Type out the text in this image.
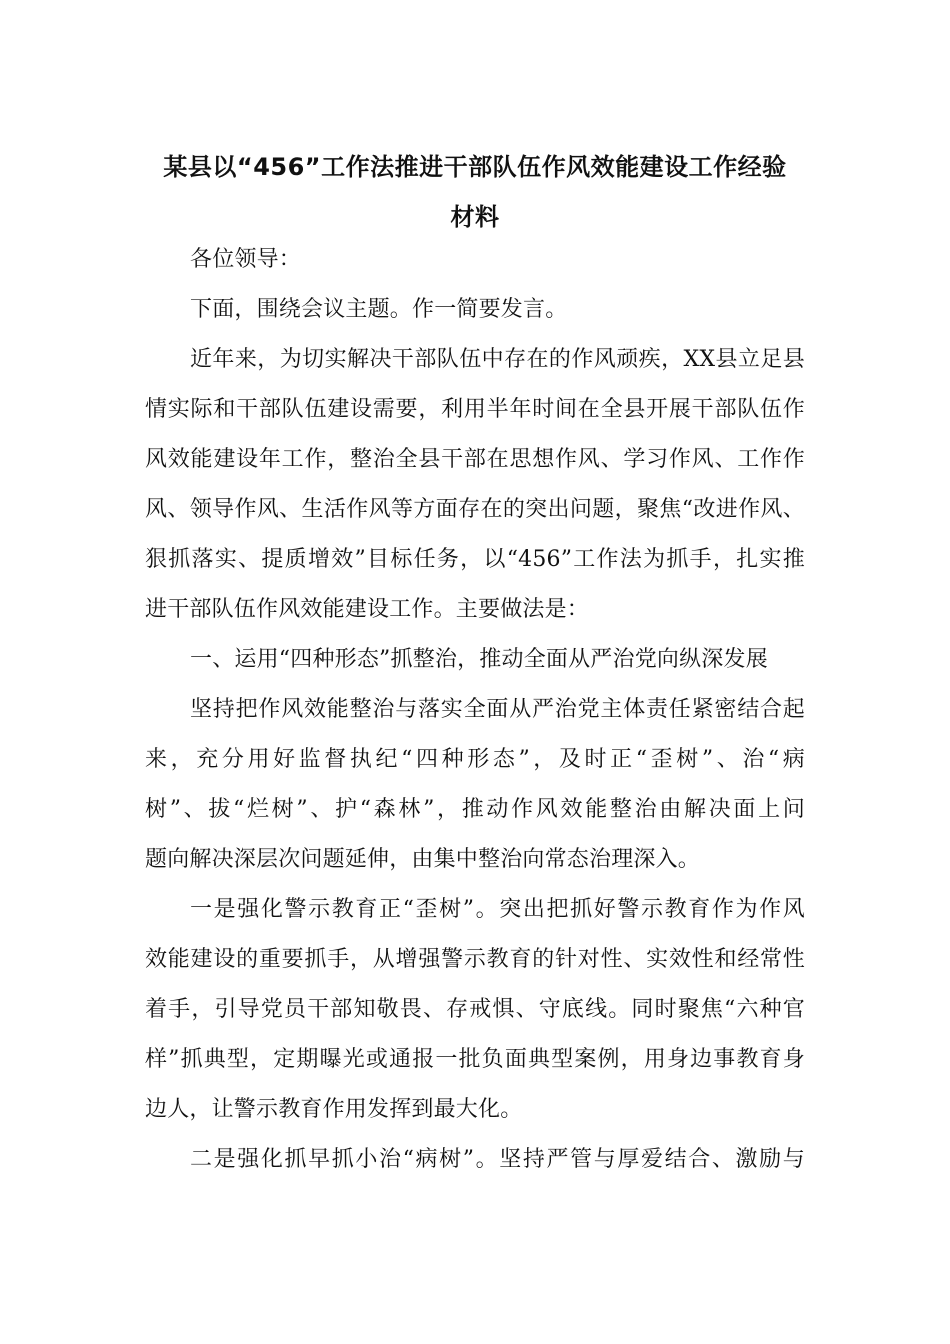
某县以“456”工作法推进干部队伍作风效能建设工作经验
材料
各位领导：
下面，围绕会议主题。作一简要发言。
近年来，为切实解决干部队伍中存在的作风顽疾，XX县立足县
情实际和干部队伍建设需要，利用半年时间在全县开展干部队伍作
风效能建设年工作，整治全县干部在思想作风、学习作风、工作作
风、领导作风、生活作风等方面存在的突出问题，聚焦“改进作风、
狠抓落实、提质增效”目标任务，以“456”工作法为抓手，扎实推
进干部队伍作风效能建设工作。主要做法是：
一、运用“四种形态”抓整治，推动全面从严治党向纵深发展
坚持把作风效能整治与落实全面从严治党主体责任紧密结合起
来，充分用好监督执纪“四种形态”，及时正“歪树”、治“病
树”、拔“烂树”、护“森林”，推动作风效能整治由解决面上问
题向解决深层次问题延伸，由集中整治向常态治理深入。
一是强化警示教育正“歪树”。突出把抓好警示教育作为作风
效能建设的重要抓手，从增强警示教育的针对性、实效性和经常性
着手，引导党员干部知敬畏、存戒惧、守底线。同时聚焦“六种官
样”抓典型，定期曝光或通报一批负面典型案例，用身边事教育身
边人，让警示教育作用发挥到最大化。
二是强化抓早抓小治“病树”。坚持严管与厚爱结合、激励与
